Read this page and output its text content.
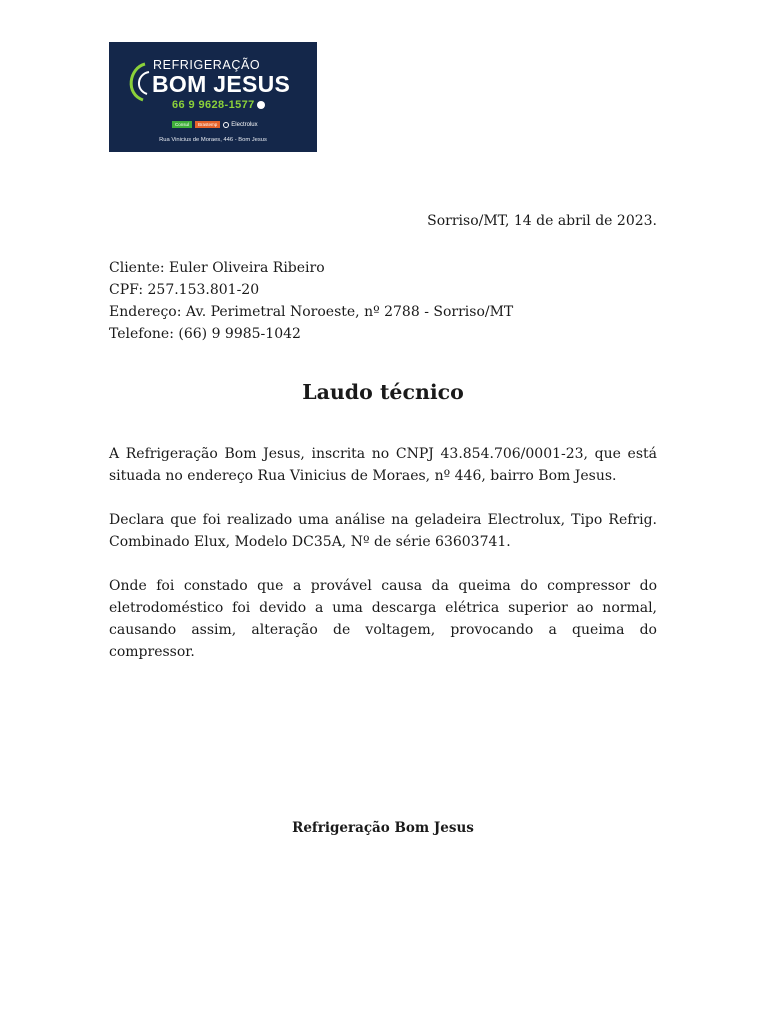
REFRIGERAÇÃO
BOM JESUS
66 9 9628-1577
Consul	Brastemp	Electrolux
Rua Vinicius de Moraes, 446 - Bom Jesus
Sorriso/MT, 14 de abril de 2023.
Cliente: Euler Oliveira Ribeiro
CPF: 257.153.801-20
Endereço: Av. Perimetral Noroeste, nº 2788 - Sorriso/MT
Telefone: (66) 9 9985-1042
Laudo técnico

A Refrigeração Bom Jesus, inscrita no CNPJ 43.854.706/0001-23, que está situada no endereço Rua Vinicius de Moraes, nº 446, bairro Bom Jesus.

Declara que foi realizado uma análise na geladeira Electrolux, Tipo Refrig. Combinado Elux, Modelo DC35A, Nº de série 63603741.

Onde foi constado que a provável causa da queima do compressor do eletrodoméstico foi devido a uma descarga elétrica superior ao normal, causando assim, alteração de voltagem, provocando a queima do compressor.

Refrigeração Bom Jesus
